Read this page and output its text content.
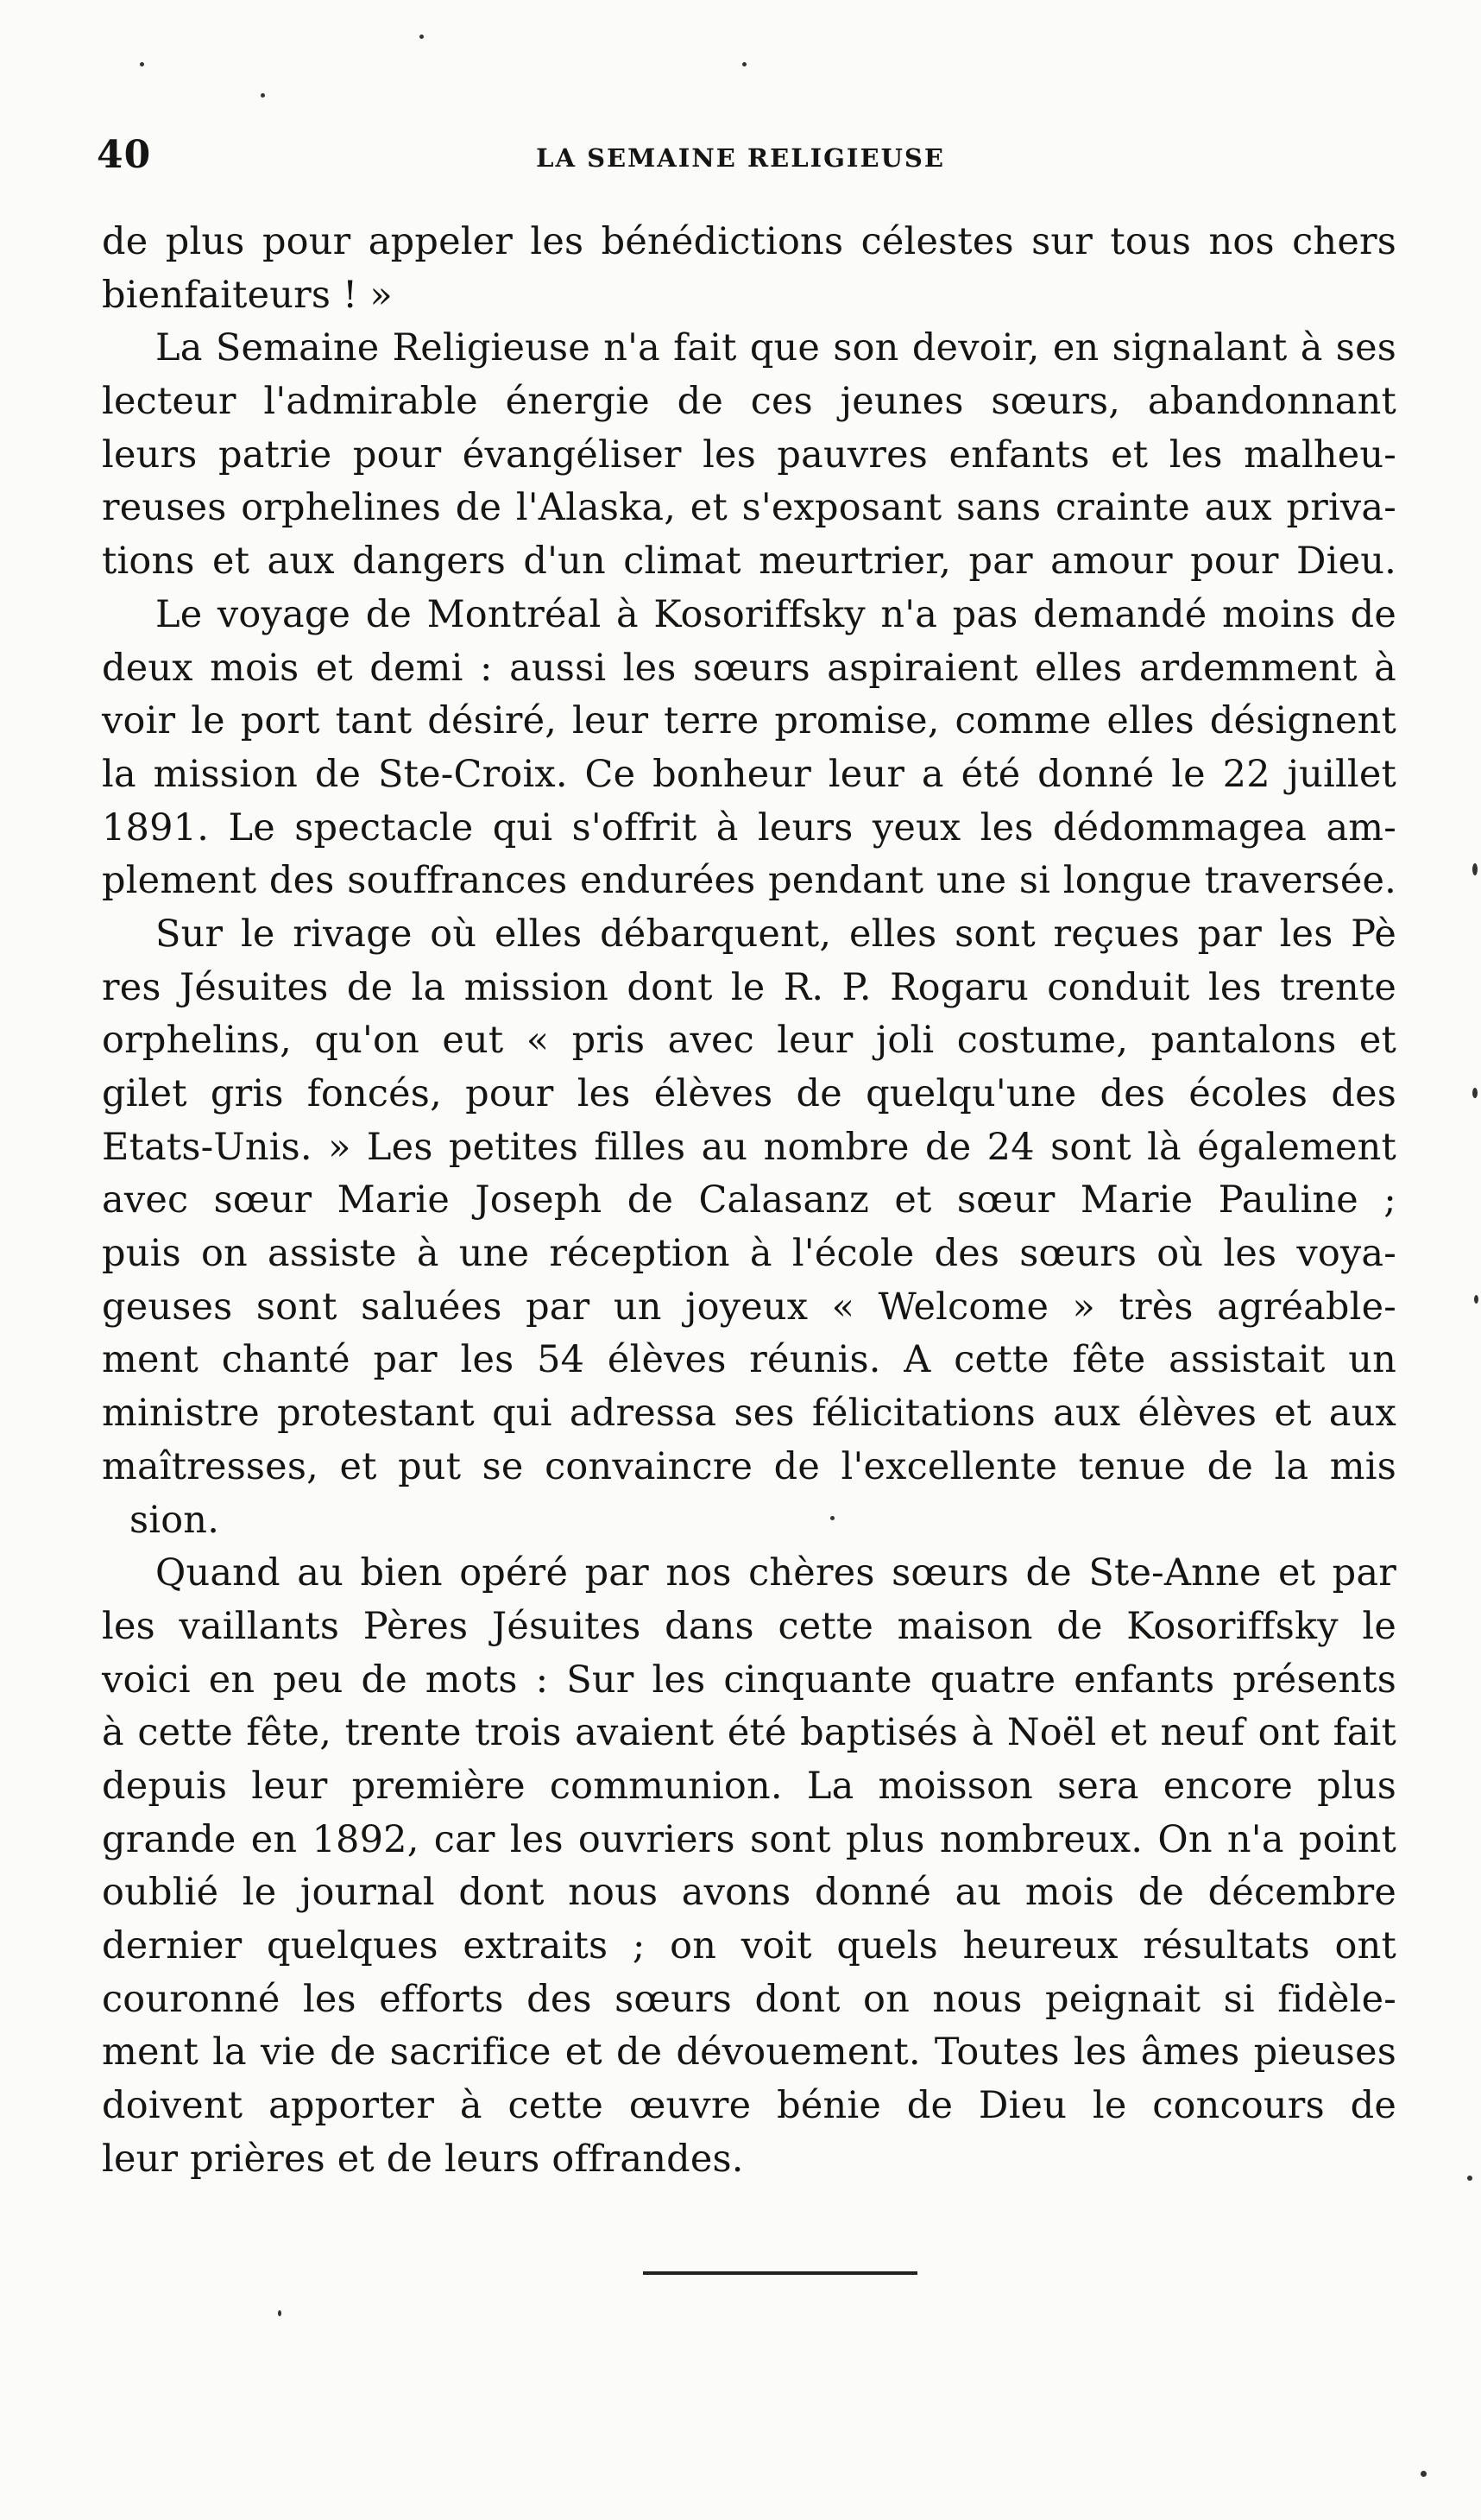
40	LA SEMAINE RELIGIEUSE
de plus pour appeler les bénédictions célestes sur tous nos chers
bienfaiteurs ! »
La Semaine Religieuse n'a fait que son devoir, en signalant à ses
lecteur l'admirable énergie de ces jeunes sœurs, abandonnant
leurs patrie pour évangéliser les pauvres enfants et les malheu-
reuses orphelines de l'Alaska, et s'exposant sans crainte aux priva-
tions et aux dangers d'un climat meurtrier, par amour pour Dieu.
Le voyage de Montréal à Kosoriffsky n'a pas demandé moins de
deux mois et demi : aussi les sœurs aspiraient elles ardemment à
voir le port tant désiré, leur terre promise, comme elles désignent
la mission de Ste-Croix. Ce bonheur leur a été donné le 22 juillet
1891. Le spectacle qui s'offrit à leurs yeux les dédommagea am-
plement des souffrances endurées pendant une si longue traversée.
Sur le rivage où elles débarquent, elles sont reçues par les Pè
res Jésuites de la mission dont le R. P. Rogaru conduit les trente
orphelins, qu'on eut « pris avec leur joli costume, pantalons et
gilet gris foncés, pour les élèves de quelqu'une des écoles des
Etats-Unis. » Les petites filles au nombre de 24 sont là également
avec sœur Marie Joseph de Calasanz et sœur Marie Pauline ;
puis on assiste à une réception à l'école des sœurs où les voya-
geuses sont saluées par un joyeux « Welcome » très agréable-
ment chanté par les 54 élèves réunis. A cette fête assistait un
ministre protestant qui adressa ses félicitations aux élèves et aux
maîtresses, et put se convaincre de l'excellente tenue de la mis
sion.
Quand au bien opéré par nos chères sœurs de Ste-Anne et par
les vaillants Pères Jésuites dans cette maison de Kosoriffsky le
voici en peu de mots : Sur les cinquante quatre enfants présents
à cette fête, trente trois avaient été baptisés à Noël et neuf ont fait
depuis leur première communion. La moisson sera encore plus
grande en 1892, car les ouvriers sont plus nombreux. On n'a point
oublié le journal dont nous avons donné au mois de décembre
dernier quelques extraits ; on voit quels heureux résultats ont
couronné les efforts des sœurs dont on nous peignait si fidèle-
ment la vie de sacrifice et de dévouement. Toutes les âmes pieuses
doivent apporter à cette œuvre bénie de Dieu le concours de
leur prières et de leurs offrandes.
